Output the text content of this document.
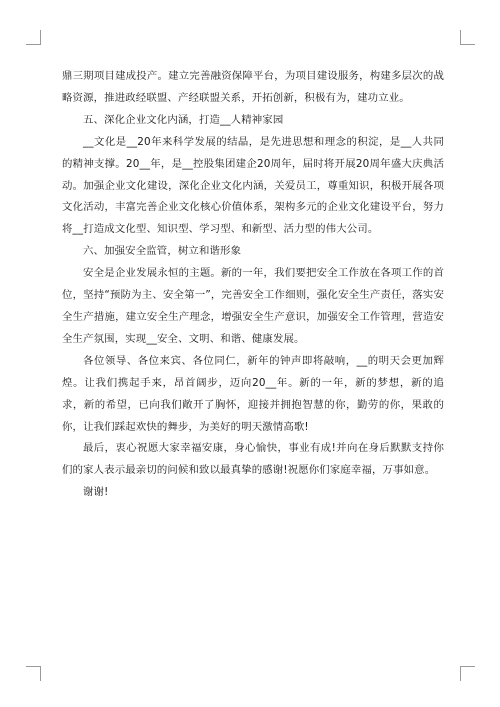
鼎三期项目建成投产。建立完善融资保障平台，为项目建设服务，构建多层次的战略资源，推进政经联盟、产经联盟关系，开拓创新，积极有为，建功立业。

五、深化企业文化内涵，打造__人精神家园

__文化是__20年来科学发展的结晶，是先进思想和理念的积淀，是__人共同的精神支撑。20__年，是__控股集团建企20周年，届时将开展20周年盛大庆典活动。加强企业文化建设，深化企业文化内涵，关爱员工，尊重知识，积极开展各项文化活动，丰富完善企业文化核心价值体系，架构多元的企业文化建设平台，努力将__打造成文化型、知识型、学习型、和新型、活力型的伟大公司。

六、加强安全监管，树立和谐形象

安全是企业发展永恒的主题。新的一年，我们要把安全工作放在各项工作的首位，坚持“预防为主、安全第一”，完善安全工作细则，强化安全生产责任，落实安全生产措施，建立安全生产理念，增强安全生产意识，加强安全工作管理，营造安全生产氛围，实现__安全、文明、和谐、健康发展。

各位领导、各位来宾、各位同仁，新年的钟声即将敲响，__的明天会更加辉煌。让我们携起手来，昂首阔步，迈向20__年。新的一年，新的梦想，新的追求，新的希望，已向我们敞开了胸怀，迎接并拥抱智慧的你，勤劳的你，果敢的你，让我们踩起欢快的舞步，为美好的明天激情高歌!

最后，衷心祝愿大家幸福安康，身心愉快，事业有成!并向在身后默默支持你们的家人表示最亲切的问候和致以最真挚的感谢!祝愿你们家庭幸福，万事如意。

谢谢!
